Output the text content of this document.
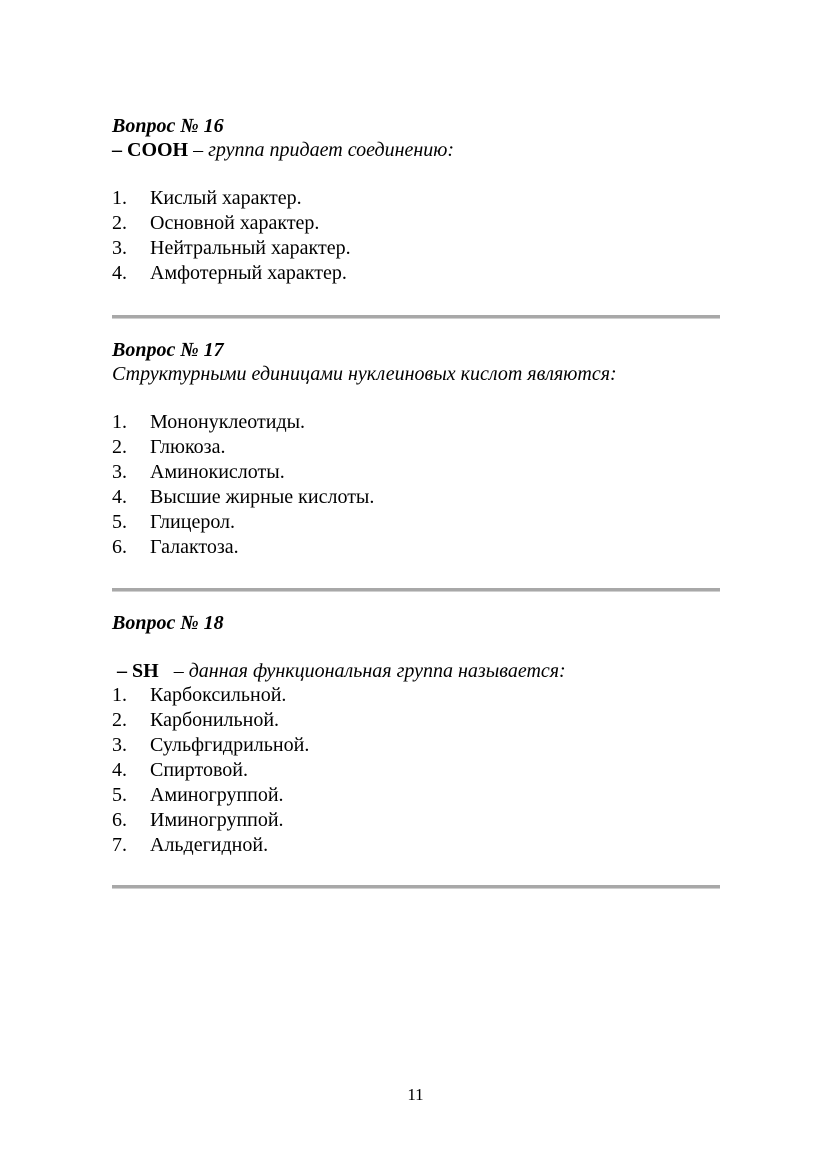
Вопрос № 16
– COOH – группа придает соединению:
1. Кислый характер.
2. Основной характер.
3. Нейтральный характер.
4. Амфотерный характер.
Вопрос № 17
Структурными единицами нуклеиновых кислот являются:
1. Мононуклеотиды.
2. Глюкоза.
3. Аминокислоты.
4. Высшие жирные кислоты.
5. Глицерол.
6. Галактоза.
Вопрос № 18

– SH   – данная функциональная группа называется:
1. Карбоксильной.
2. Карбонильной.
3. Сульфгидрильной.
4. Спиртовой.
5. Аминогруппой.
6. Иминогруппой.
7. Альдегидной.
11
